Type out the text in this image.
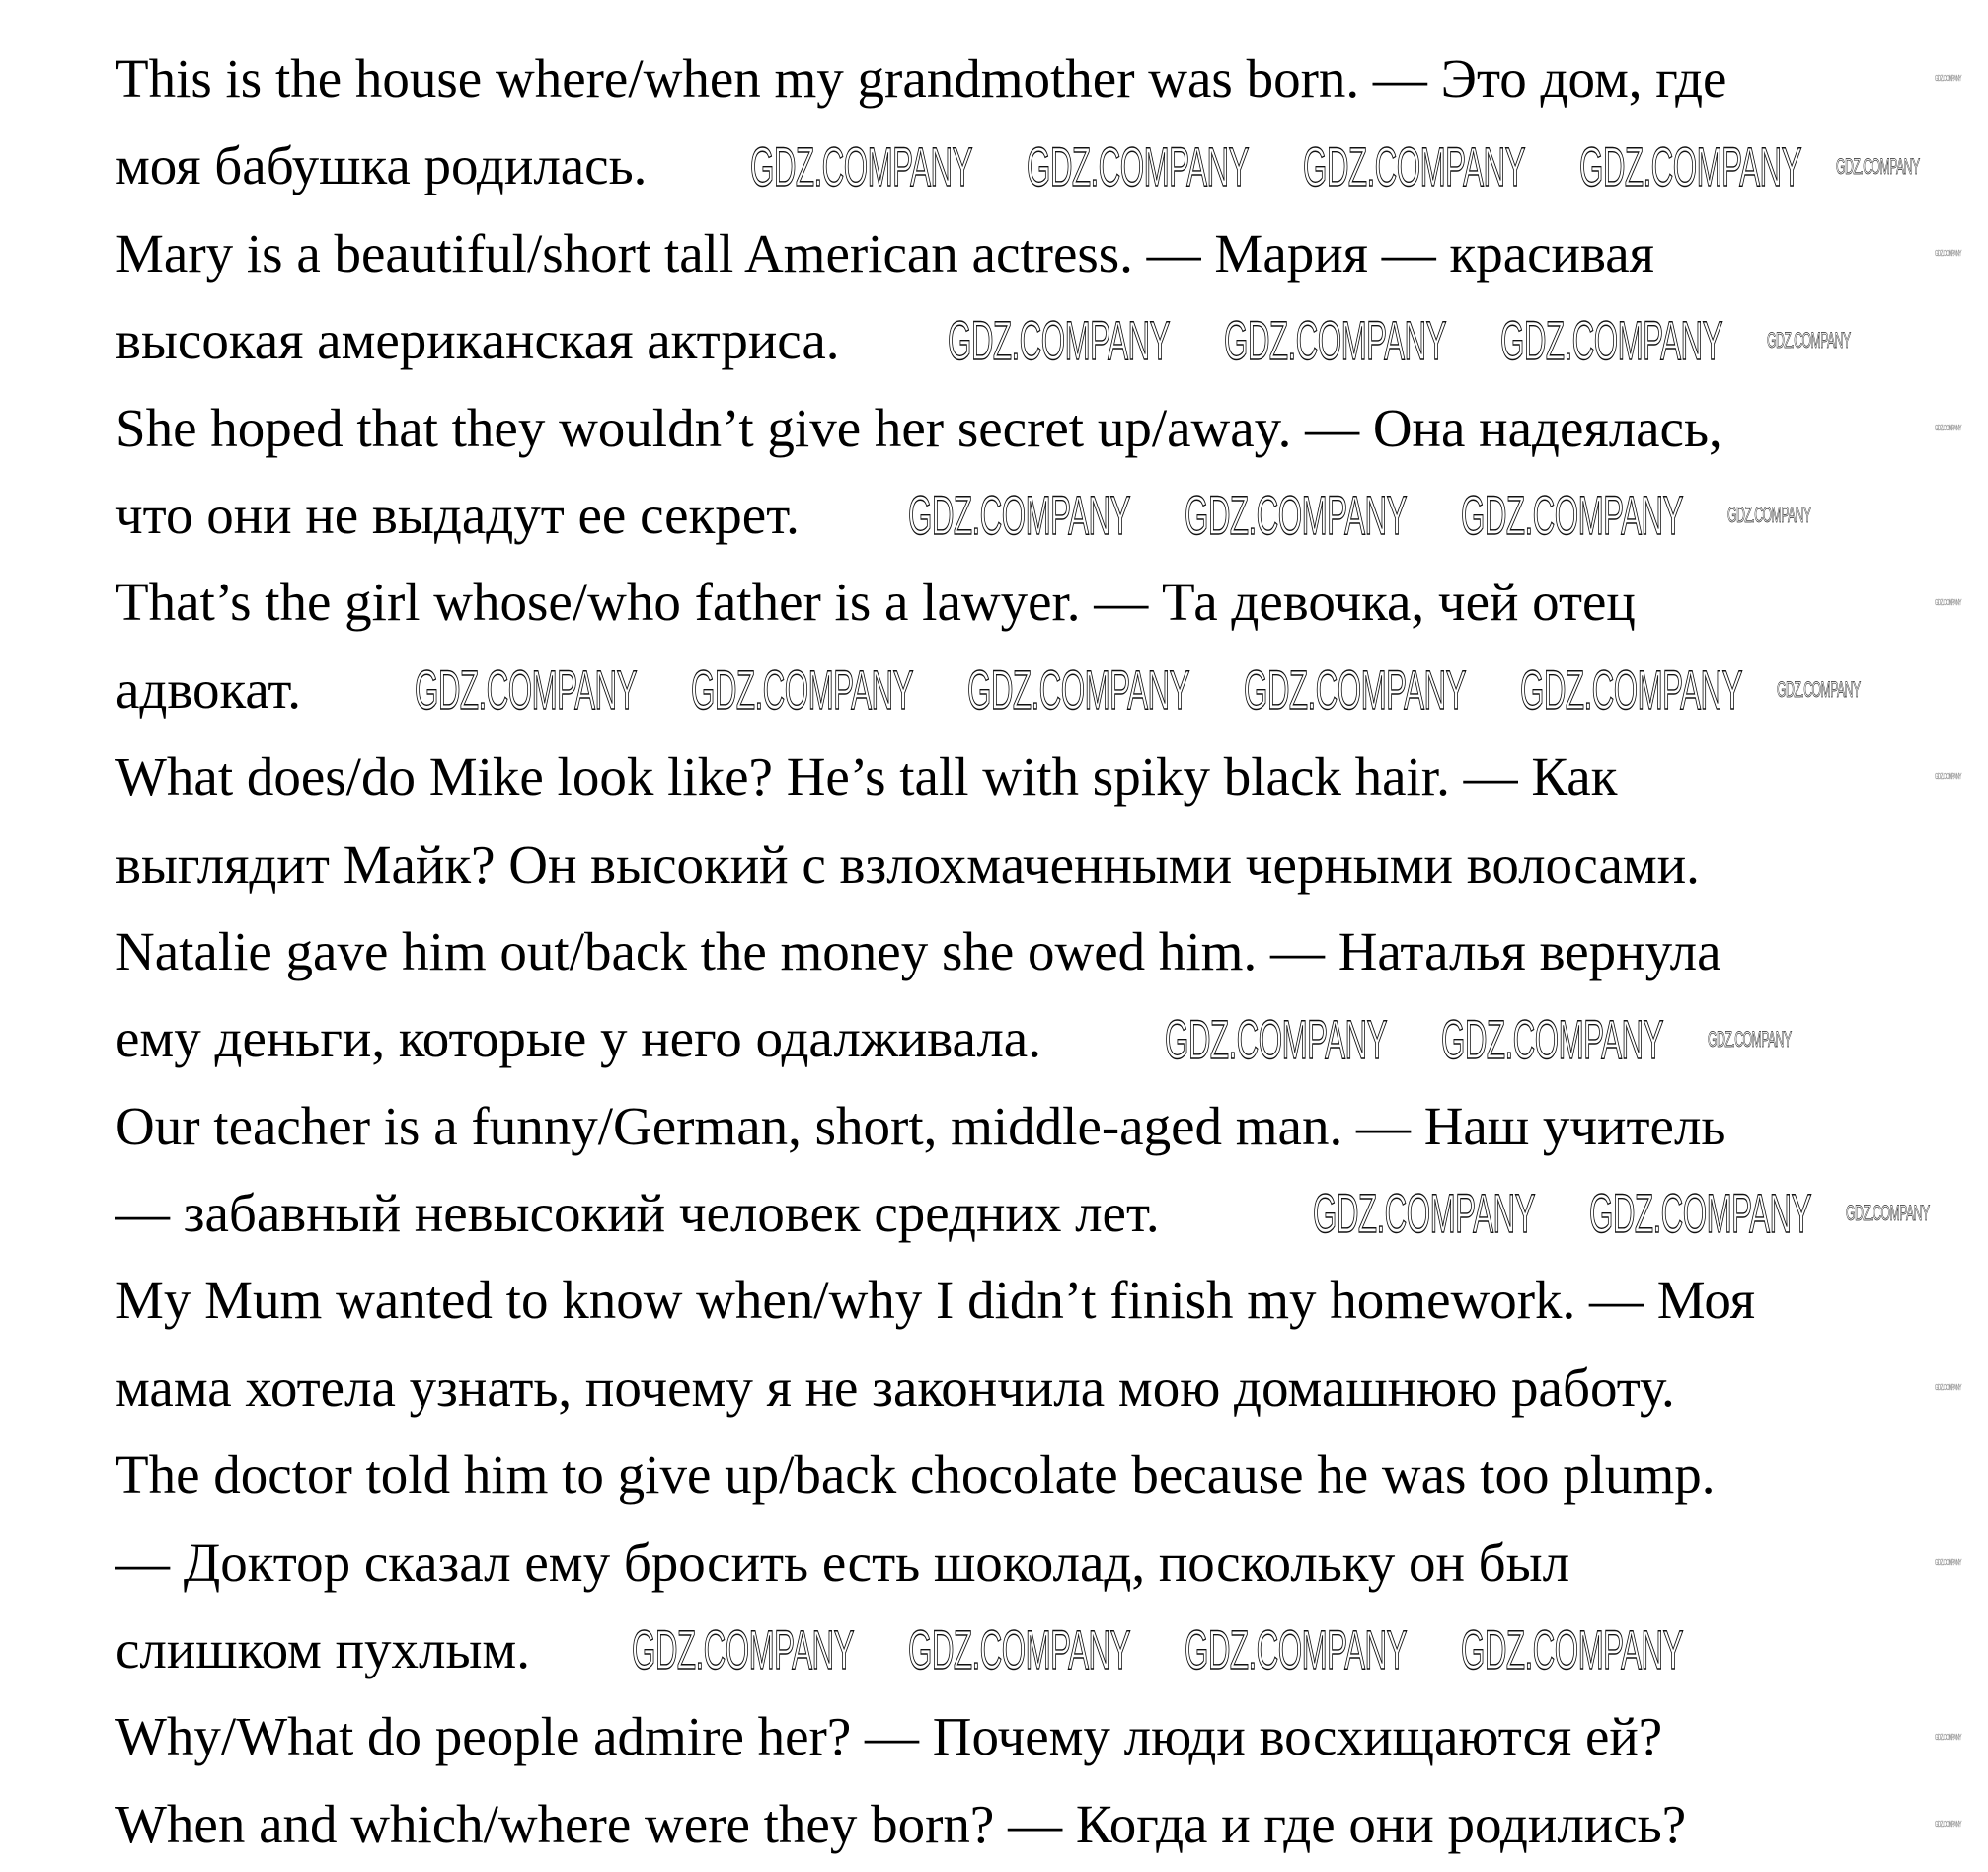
This is the house where/when my grandmother was born. — Это дом, где
моя бабушка родилась.
Mary is a beautiful/short tall American actress. — Мария — красивая
высокая американская актриса.
She hoped that they wouldn’t give her secret up/away. — Она надеялась,
что они не выдадут ее секрет.
That’s the girl whose/who father is a lawyer. — Та девочка, чей отец
адвокат.
What does/do Mike look like? He’s tall with spiky black hair. — Как
выглядит Майк? Он высокий с взлохмаченными черными волосами.
Natalie gave him out/back the money she owed him. — Наталья вернула
ему деньги, которые у него одалживала.
Our teacher is a funny/German, short, middle-aged man. — Наш учитель
— забавный невысокий человек средних лет.
My Mum wanted to know when/why I didn’t finish my homework. — Моя
мама хотела узнать, почему я не закончила мою домашнюю работу.
The doctor told him to give up/back chocolate because he was too plump.
— Доктор сказал ему бросить есть шоколад, поскольку он был
слишком пухлым.
Why/What do people admire her? — Почему люди восхищаются ей?
When and which/where were they born? — Когда и где они родились?
GDZ.COMPANY GDZ.COMPANY GDZ.COMPANY GDZ.COMPANY
GDZ.COMPANY GDZ.COMPANY GDZ.COMPANY
GDZ.COMPANY GDZ.COMPANY GDZ.COMPANY
GDZ.COMPANY GDZ.COMPANY GDZ.COMPANY GDZ.COMPANY GDZ.COMPANY
GDZ.COMPANY GDZ.COMPANY
GDZ.COMPANY GDZ.COMPANY
GDZ.COMPANY GDZ.COMPANY GDZ.COMPANY GDZ.COMPANY
GDZ.COMPANY
GDZ.COMPANY
GDZ.COMPANY
GDZ.COMPANY
GDZ.COMPANY
GDZ.COMPANY
GDZ.COMPANY
GDZ.COMPANY
GDZ.COMPANY
GDZ.COMPANY
GDZ.COMPANY
GDZ.COMPANY
GDZ.COMPANY
GDZ.COMPANY
GDZ.COMPANY
